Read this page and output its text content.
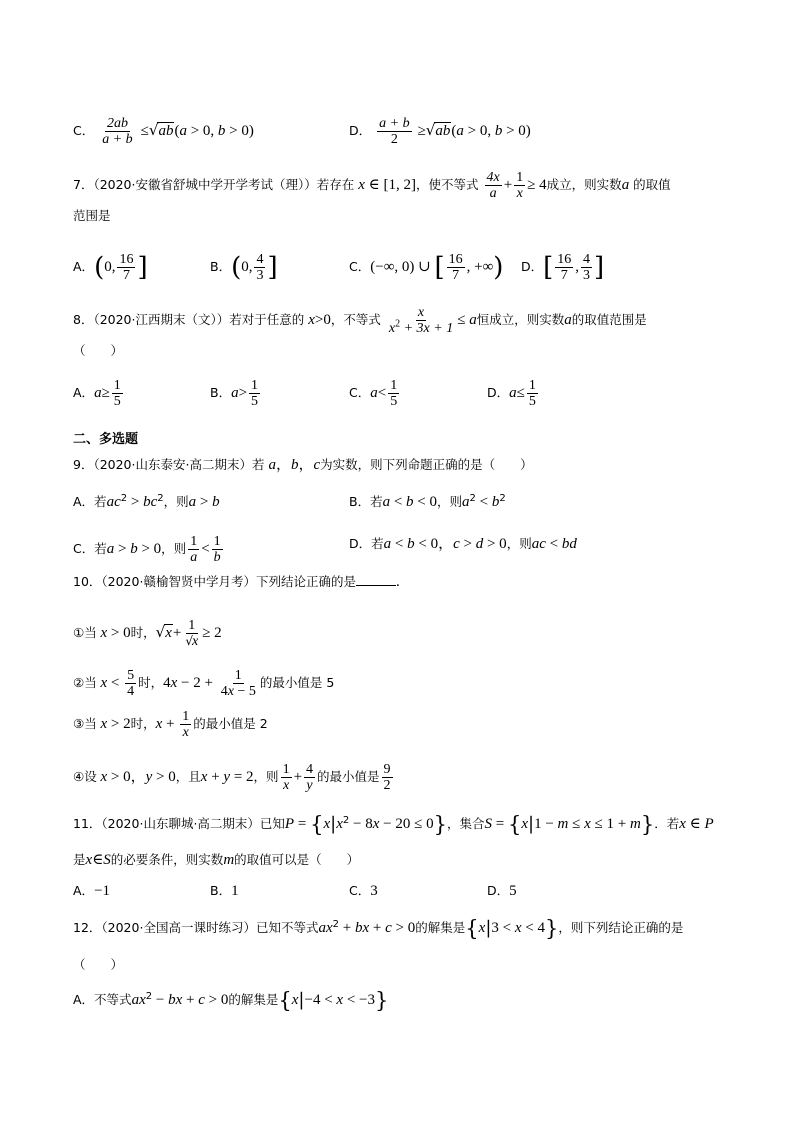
C． $\frac{2ab}{a + b} \le√ab(a > 0$, b > 0)	D． $\frac{a + b}{2} \ge√ab(a > 0$, b > 0)
7．（2020·安徽省舒城中学开学考试（理））若存在 x ∈ [1, 2]，使不等式 $\frac{4x}{a} + \frac{1}{x} \ge 4$成立，则实数a 的取值
范围是
A．(0, $\frac{16}{7}$ ]	B．(0, $\frac{4}{3}$ ]	C．(−∞, 0) ∪ [ $\frac{16}{7}$ , +∞) D．[ $\frac{16}{7}$ , $\frac{4}{3}$ ]
8．（2020·江西期末（文））若对于任意的 x>0，不等式 $\frac{x}{x^2 + 3x + 1} \le a$恒成立，则实数a的取值范围是
（　　）
A．$a\ge \frac{1}{5}$	B．$a> \frac{1}{5}$	C．$a< \frac{1}{5}$	D．$a\le \frac{1}{5}$
二、多选题
9．（2020·山东泰安·高二期末）若 a，b，c为实数，则下列命题正确的是（　　）
A．若$ac^2 > bc^2$，则a > b	B．若a < b < 0，则$a^2 < b^2$
C．若a > b > 0，则 $\frac{1}{a} < \frac{1}{b}$	D．若a < b < 0，c > d > 0，则ac < bd
10．（2020·赣榆智贤中学月考）下列结论正确的是	.
①当 x > 0时，$√x+ \frac{1}{√x} \ge 2$
②当 $x < \frac{5}{4}$ 时，$4x - 2 + \frac{1}{4x - 5}$ 的最小值是 5
③当 x > 2时，$x + \frac{1}{x}$ 的最小值是 2
④设 x > 0，y > 0，且x + y = 2，则 $\frac{1}{x} + \frac{4}{y}$ 的最小值是 $\frac{9}{2}$
11．（2020·山东聊城·高二期末）已知$P = \{x|x^2 - 8x - 20 \le 0\}$，集合S = {x|1 − m ≤ x ≤ 1 + m}．若x ∈ P
是x∈S的必要条件，则实数m的取值可以是（　　）
A．−1	B．1	C．3	D．5
12．（2020·全国高一课时练习）已知不等式$ax^2$ + bx + c > 0的解集是{x|3 < x < 4}，则下列结论正确的是
（　　）
A．不等式$ax^2$ − bx + c > 0的解集是{x|−4 < x < −3}
